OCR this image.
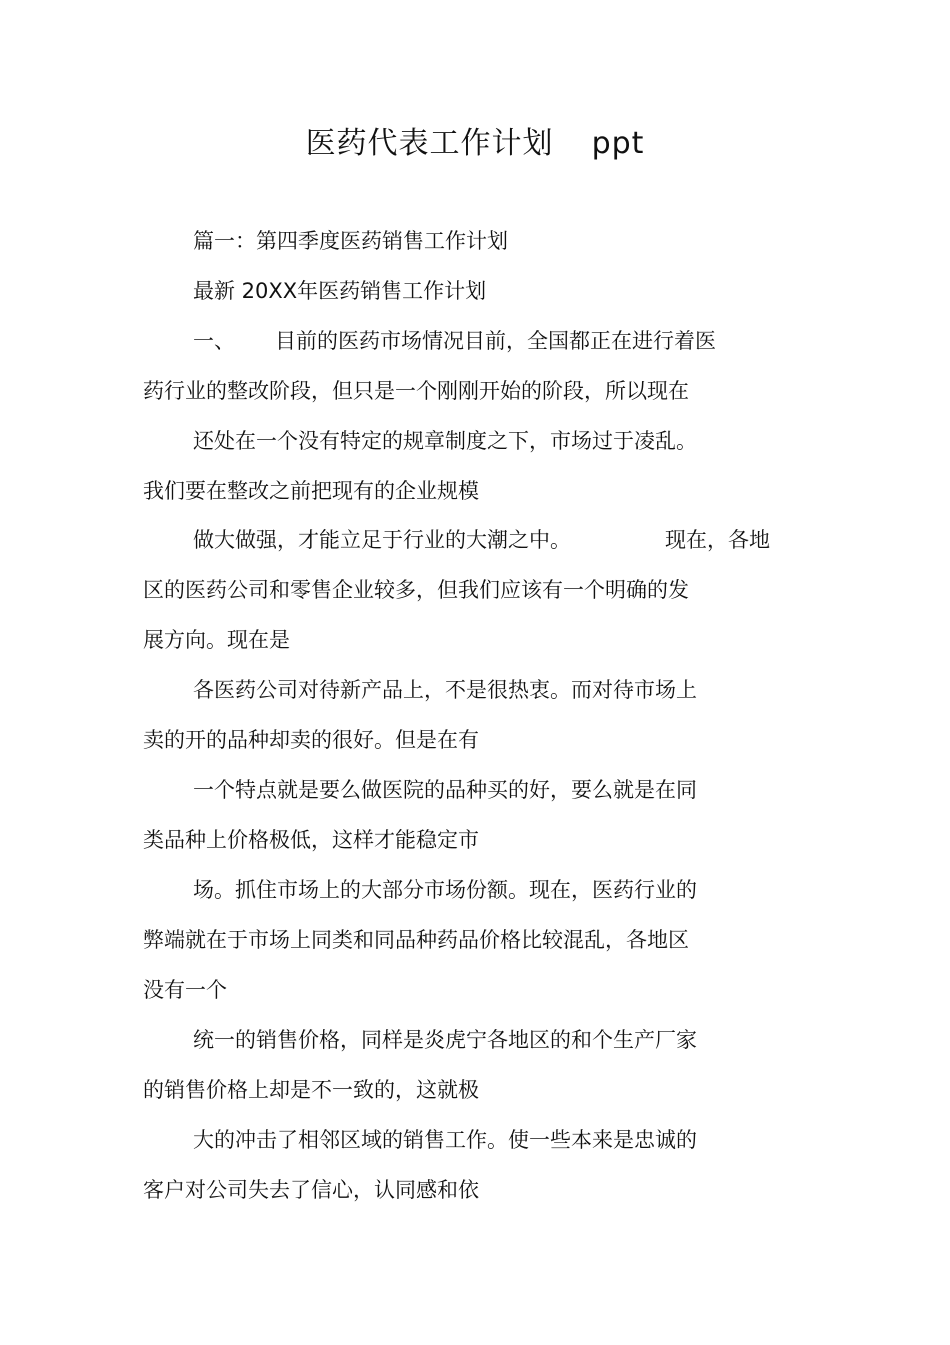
医药代表工作计划 ppt
篇一：第四季度医药销售工作计划
最新 20XX年医药销售工作计划
一、 目前的医药市场情况目前，全国都正在进行着医
药行业的整改阶段，但只是一个刚刚开始的阶段，所以现在
还处在一个没有特定的规章制度之下，市场过于凌乱。
我们要在整改之前把现有的企业规模
做大做强，才能立足于行业的大潮之中。	现在，各地
区的医药公司和零售企业较多，但我们应该有一个明确的发
展方向。现在是
各医药公司对待新产品上，不是很热衷。而对待市场上
卖的开的品种却卖的很好。但是在有
一个特点就是要么做医院的品种买的好，要么就是在同
类品种上价格极低，这样才能稳定市
场。抓住市场上的大部分市场份额。现在，医药行业的
弊端就在于市场上同类和同品种药品价格比较混乱，各地区
没有一个
统一的销售价格，同样是炎虎宁各地区的和个生产厂家
的销售价格上却是不一致的，这就极
大的冲击了相邻区域的销售工作。使一些本来是忠诚的
客户对公司失去了信心，认同感和依
